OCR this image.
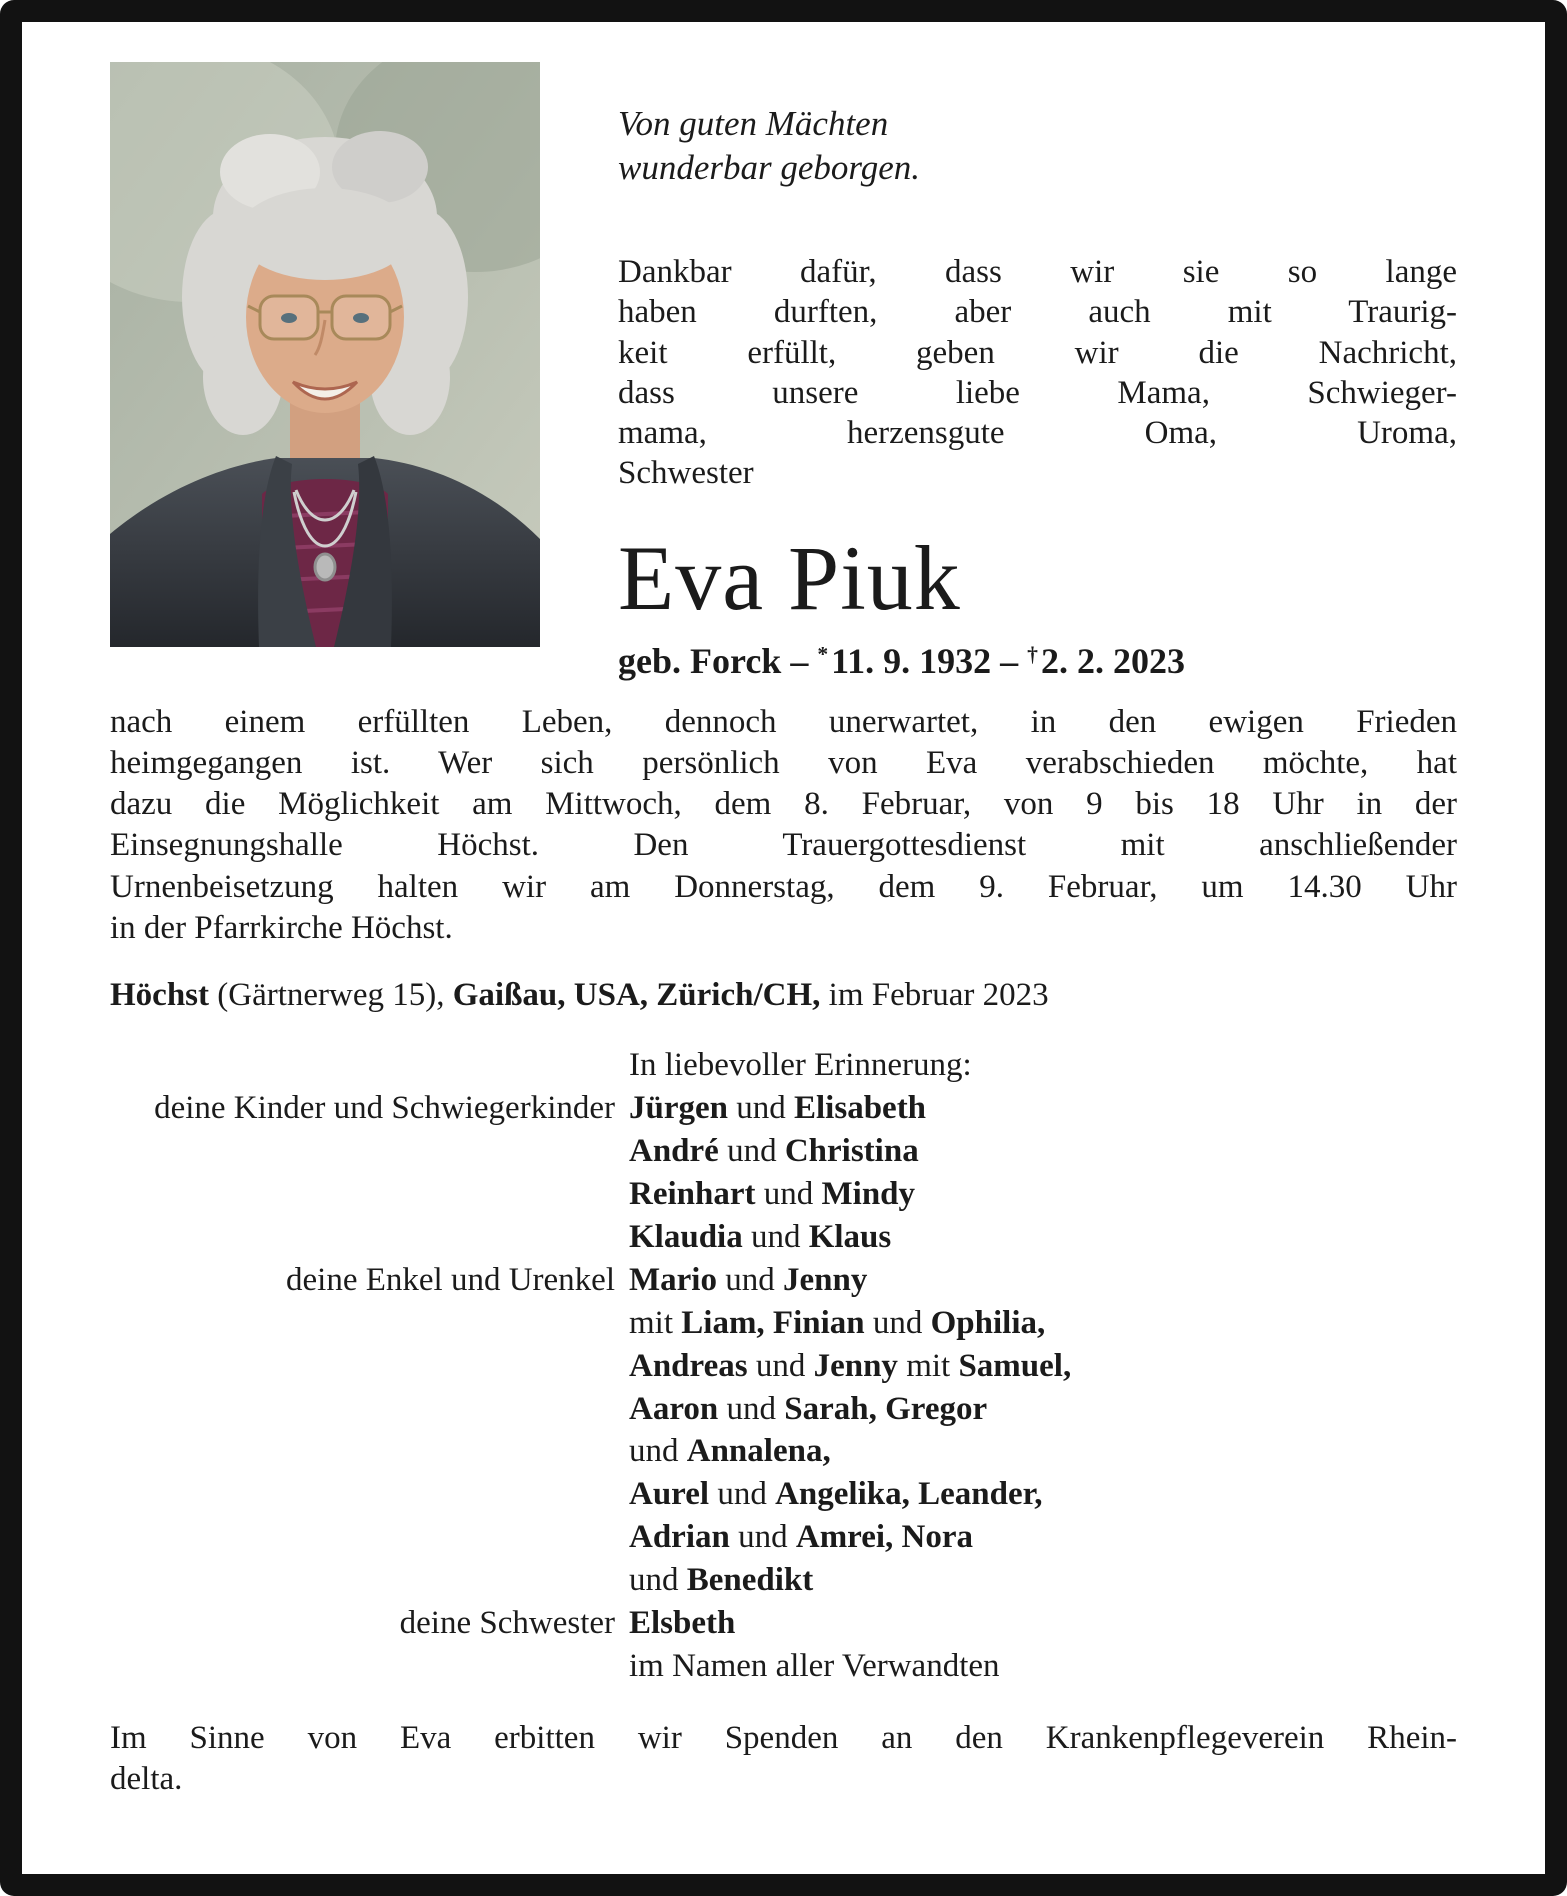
Von guten Mächten
wunderbar geborgen.
Dankbar dafür, dass wir sie so lange
haben durften, aber auch mit Traurig-
keit erfüllt, geben wir die Nachricht,
dass unsere liebe Mama, Schwieger-
mama, herzensgute Oma, Uroma,
Schwester
Eva Piuk
geb. Forck – *11. 9. 1932 – †2. 2. 2023
nach einem erfüllten Leben, dennoch unerwartet, in den ewigen Frieden
heimgegangen ist. Wer sich persönlich von Eva verabschieden möchte, hat
dazu die Möglichkeit am Mittwoch, dem 8. Februar, von 9 bis 18 Uhr in der
Einsegnungshalle Höchst. Den Trauergottesdienst mit anschließender
Urnenbeisetzung halten wir am Donnerstag, dem 9. Februar, um 14.30 Uhr
in der Pfarrkirche Höchst.
Höchst (Gärtnerweg 15), Gaißau, USA, Zürich/CH, im Februar 2023
In liebevoller Erinnerung:
deine Kinder und Schwiegerkinder Jürgen und Elisabeth
André und Christina
Reinhart und Mindy
Klaudia und Klaus
deine Enkel und Urenkel Mario und Jenny
mit Liam, Finian und Ophilia,
Andreas und Jenny mit Samuel,
Aaron und Sarah, Gregor
und Annalena,
Aurel und Angelika, Leander,
Adrian und Amrei, Nora
und Benedikt
deine Schwester Elsbeth
im Namen aller Verwandten
Im Sinne von Eva erbitten wir Spenden an den Krankenpflegeverein Rhein-
delta.
